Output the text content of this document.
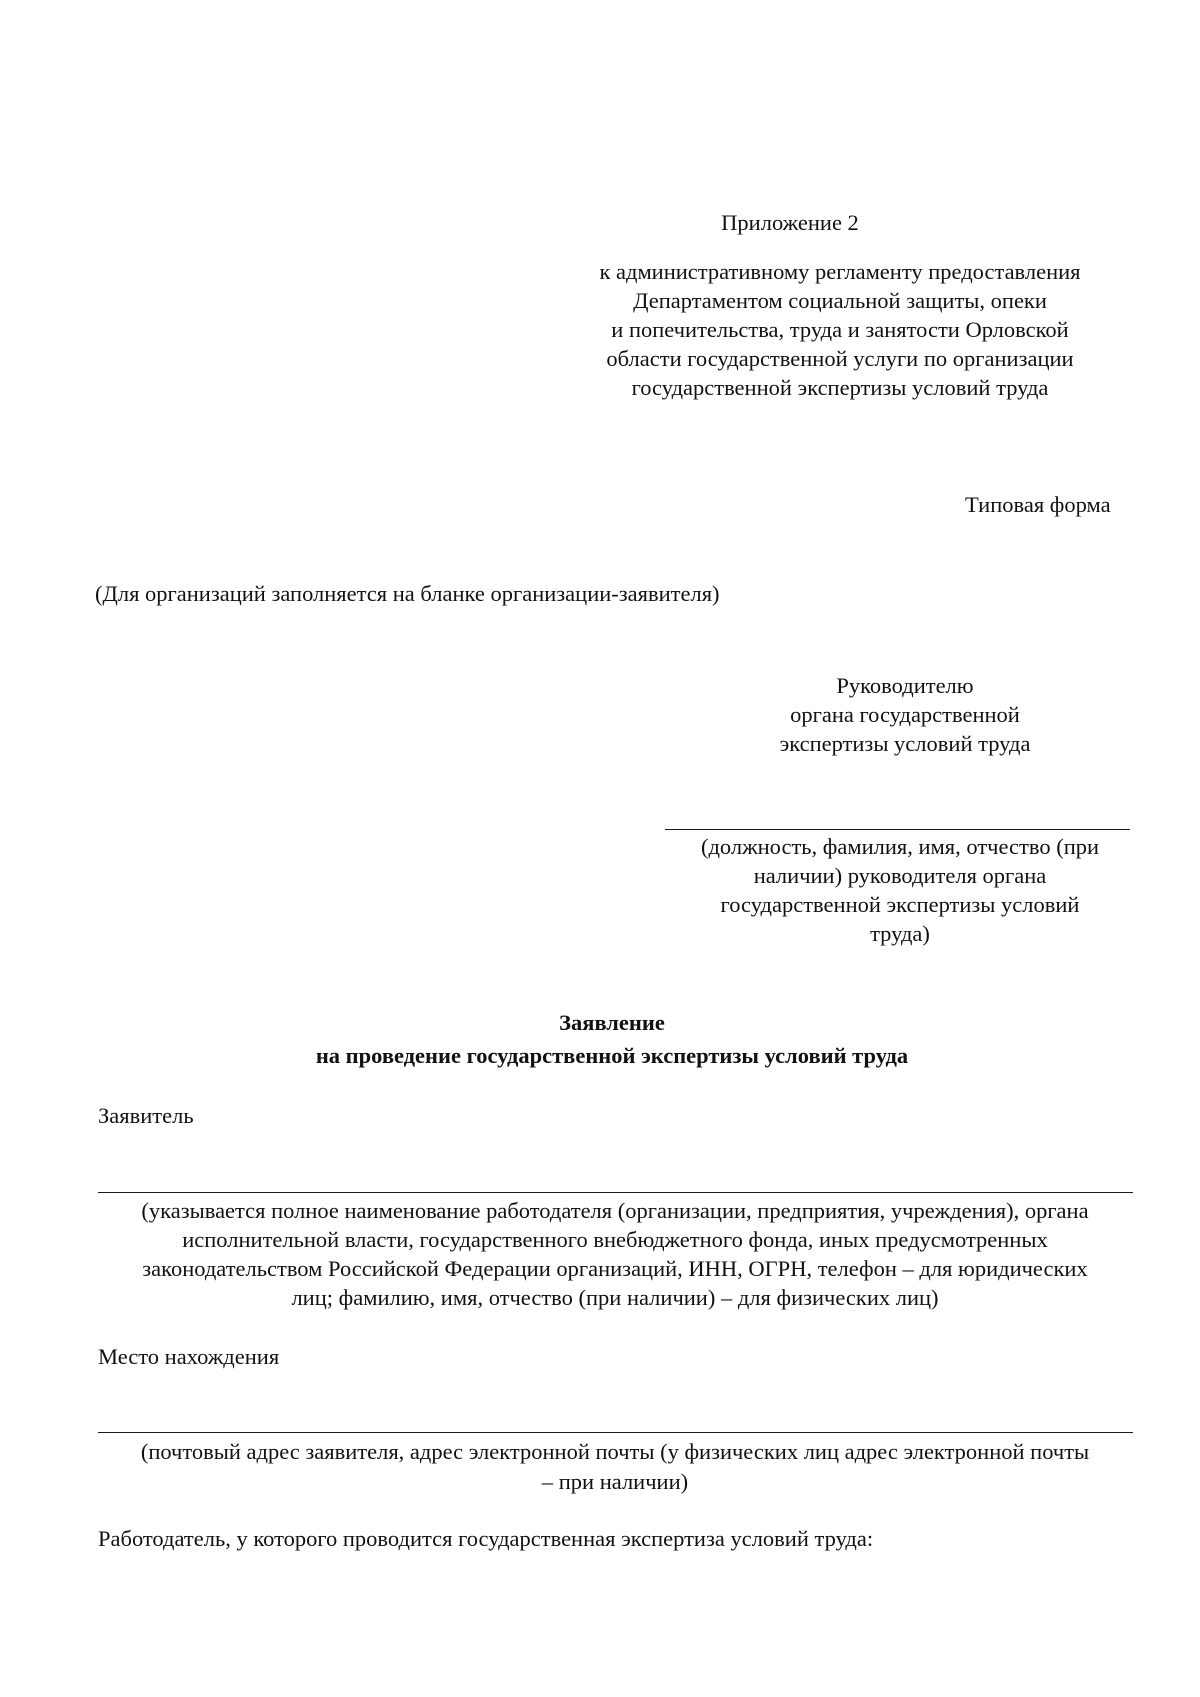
Приложение 2
к административному регламенту предоставления
Департаментом социальной защиты, опеки
и попечительства, труда и занятости Орловской
области государственной услуги по организации
государственной экспертизы условий труда
Типовая форма
(Для организаций заполняется на бланке организации-заявителя)
Руководителю
органа государственной
экспертизы условий труда
(должность, фамилия, имя, отчество (при
наличии) руководителя органа
государственной экспертизы условий
труда)
Заявление
на проведение государственной экспертизы условий труда
Заявитель
(указывается полное наименование работодателя (организации, предприятия, учреждения), органа
исполнительной власти, государственного внебюджетного фонда, иных предусмотренных
законодательством Российской Федерации организаций, ИНН, ОГРН, телефон – для юридических
лиц; фамилию, имя, отчество (при наличии) – для физических лиц)
Место нахождения
(почтовый адрес заявителя, адрес электронной почты (у физических лиц адрес электронной почты
– при наличии)
Работодатель, у которого проводится государственная экспертиза условий труда:
